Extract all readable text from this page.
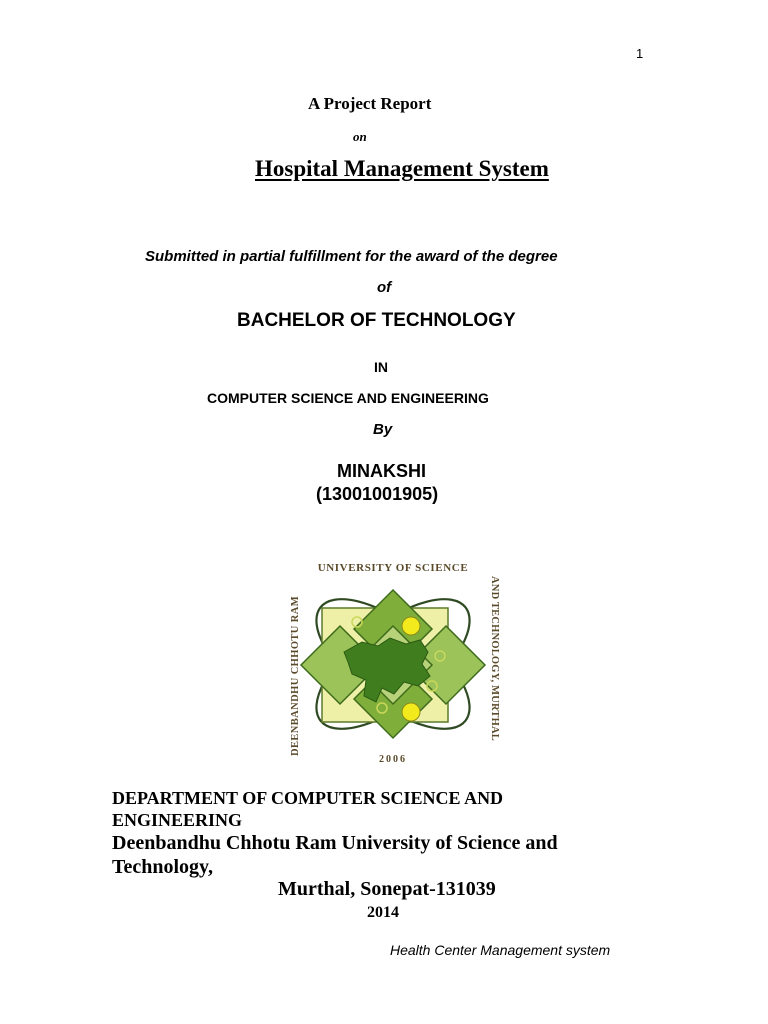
1
A Project Report
on
Hospital Management System
Submitted in partial fulfillment for the award of the degree
of
BACHELOR OF TECHNOLOGY
IN
COMPUTER SCIENCE AND ENGINEERING
By
MINAKSHI
(13001001905)
UNIVERSITY OF SCIENCE
DEENBANDHU CHHOTU RAM	AND TECHNOLOGY, MURTHAL
2006
DEPARTMENT OF COMPUTER SCIENCE AND
ENGINEERING
Deenbandhu Chhotu Ram University of Science and
Technology,
Murthal, Sonepat-131039
2014
Health Center Management system
